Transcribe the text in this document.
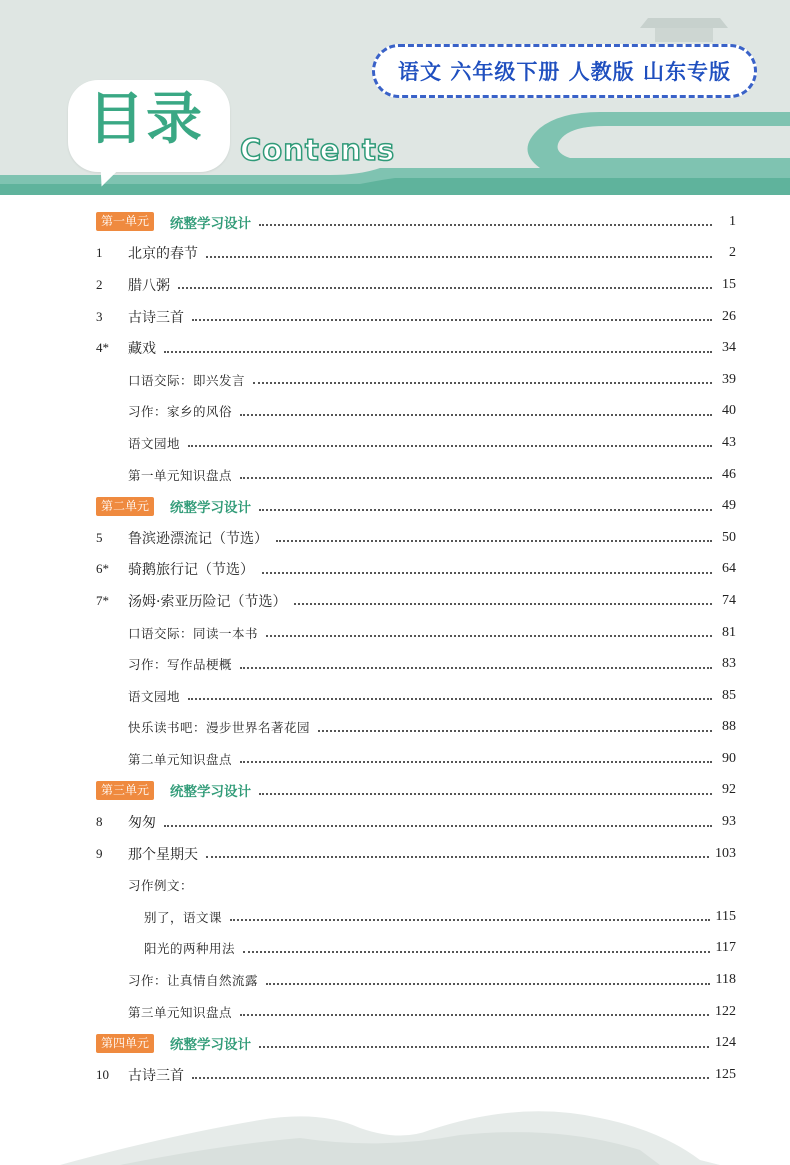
目录	Contents
语文 六年级下册 人教版 山东专版
第一单元	统整学习设计	1
1	北京的春节	2
2	腊八粥	15
3	古诗三首	26
4*	藏戏	34
口语交际：即兴发言	39
习作：家乡的风俗	40
语文园地	43
第一单元知识盘点	46
第二单元	统整学习设计	49
5	鲁滨逊漂流记（节选）	50
6*	骑鹅旅行记（节选）	64
7*	汤姆·索亚历险记（节选）	74
口语交际：同读一本书	81
习作：写作品梗概	83
语文园地	85
快乐读书吧：漫步世界名著花园	88
第二单元知识盘点	90
第三单元	统整学习设计	92
8	匆匆	93
9	那个星期天	103
习作例文：
别了，语文课	115
阳光的两种用法	117
习作：让真情自然流露	118
第三单元知识盘点	122
第四单元	统整学习设计	124
10	古诗三首	125
